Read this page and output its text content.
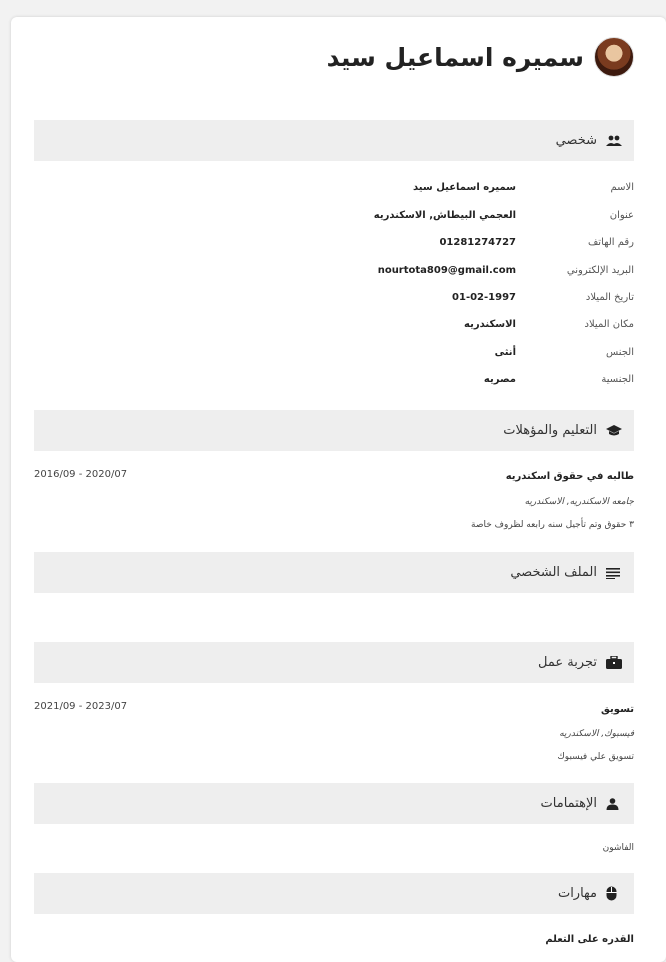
سميره اسماعيل سيد
شخصي
الاسم
سميره اسماعيل سيد
عنوان
العجمي البيطاش, الاسكندريه
رقم الهاتف
01281274727
البريد الإلكتروني
nourtota809@gmail.com
تاريخ الميلاد
01-02-1997
مكان الميلاد
الاسكندريه
الجنس
أنثى
الجنسية
مصريه
التعليم والمؤهلات
طالبه في حقوق اسكندريه
2016/09 - 2020/07
جامعه الاسكندريه, الاسكندريه
٣ حقوق وتم تأجيل سنه رابعه لظروف خاصة
الملف الشخصي
تجربة عمل
تسويق
2021/09 - 2023/07
فيسبوك, الاسكندريه
تسويق علي فيسبوك
الإهتمامات
الفاشون
مهارات
القدره على التعلم
